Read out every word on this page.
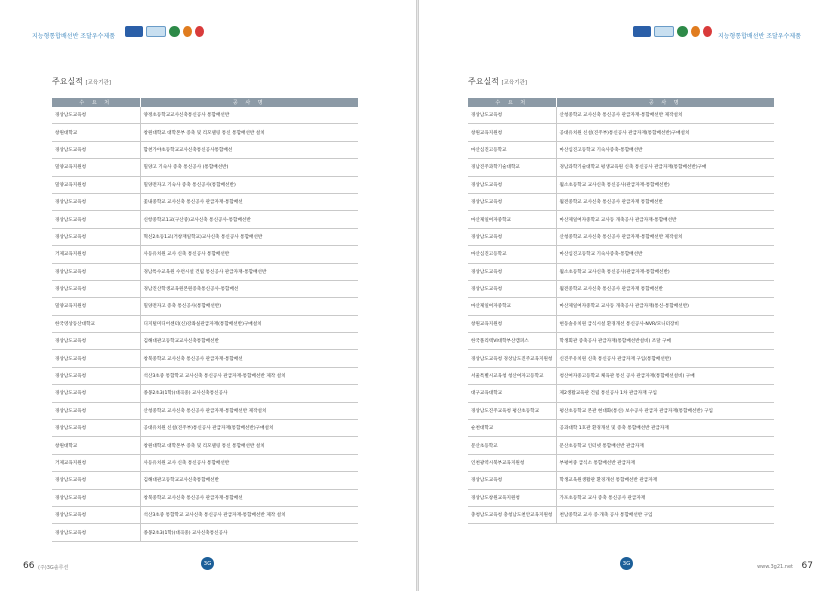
지능형통합배선반 조달우수제품
주요실적 [교육기관]
수 요 처	공 사 명
경상남도교육청	양정초등학교교사신축통신공사 통합배선반
창원대학교	창원대학교 대학본부 증축 및 리모델링 통신 통합배선반 설치
경상남도교육청	합천가야초등학교교사신축통신공사통합배선
밀양교육지원청	밀양고 기숙사 증축 통신공사 (통합배선반)
밀양교육지원청	밀양전자고 기숙사 증축 통신공사(통합배선반)
경상남도교육청	꽃내중학교 교사신축 통신공사 관급자재-통합배선
경상남도교육청	신항중학교1교(구산중)교사신축 통신공사-통합배선반
경상남도교육청	혁신2초등1교(거창재일학교)교사신축 통신공사 통합배선반
거제교육지원청	사등유치원 교사 신축 통신공사 통합배선반
경상남도교육청	경남특수교육원 수련시설 건립 통신공사 관급자재-통합배선반
경상남도교육청	경남진산학생교육원본원증축통신공사-통합배선
밀양교육지원청	밀양전자고 증축 통신공사(통합배선반)
한국영상동산대학교	디지털미디어센터(신)강좌실관급자재(통합배선반)구매설치
경상남도교육청	김해대관고등학교교사신축통합배선반
경상남도교육청	창북중학교 교사신축 통신공사 관급자재-통합배선
경상남도교육청	석산3초중 통합학교 교사신축 통신공사 관급자재-통합배선반 제작 설치
경상남도교육청	종몽2초3(1학)(대곡중) 교사신축통신공사
경상남도교육청	산청중학교 교사신축 통신공사 관급자재-통합배선반 제작설치
경상남도교육청	공대유치원 신설(진주부)통신공사 관급자재(통합배선반)구매설치
창원대학교	창원대학교 대학본부 증축 및 리모델링 통신 통합배선반 설치
거제교육지원청	사등유치원 교사 신축 통신공사 통합배선반
경상남도교육청	김해대관고등학교교사신축통합배선반
경상남도교육청	창북중학교 교사신축 통신공사 관급자재-통합배선
경상남도교육청	석산3초중 통합학교 교사신축 통신공사 관급자재-통합배선반 제작 설치
경상남도교육청	종몽2초3(1학)(대곡중) 교사신축통신공사
66 (주)3G솔루션
3G
지능형통합배선반 조달우수제품
주요실적 [교육기관]
수 요 처	공 사 명
경상남도교육청	산청중학교 교사신축 통신공사 관급자재-통합배선반 제작설치
창원교육지원청	공대유치원 신설(진주부)통신공사 관급자재(통합배선반)구매설치
마산심진고등학교	마산심진고등학교 기숙사증축-통합배선반
경남진주과학기술대학교	경남과학기술대학교 평생교육원 신축 통신공사 관급자재(통합배선반)구매
경상남도교육청	월소초등학교 교사신축 통신공사(관급자재-통합배선반)
경상남도교육청	월전중학교 교사신축 통신공사 관급자재 통합배선반
마산제일여자중학교	마산제일여자중학교 교사동 개축공사 관급자재-통합배선반
경상남도교육청	산청중학교 교사신축 통신공사 관급자재-통합배선반 제작설치
마산심진고등학교	마산심진고등학교 기숙사증축-통합배선반
경상남도교육청	월소초등학교 교사신축 통신공사(관급자재-통합배선반)
경상남도교육청	월전중학교 교사신축 통신공사 관급자재 통합배선반
마산제일여자중학교	마산제일여자중학교 교사동 개축공사 관급자재(통신-통합배선반)
창원교육지원청	현동솔유치원 급식시설 환경개선 통신공사-NVR/모니터장비
한국폴리텍VI대학부산캠퍼스	학생회관 증축공사 관급자재(통합배선반설비) 조달 구매
경상남도교육청 경상남도진주교육지원청	신진주유치원 신축 통신공사 관급자재 구입(통합배선반)
서울특별시교육청 청산여자고등학교	청산여자중고등학교 체육관 통신 공사 관급자재(통합배선설비) 구매
대구교육대학교	제2생활교육관 건립 통신공사 1차 관급자재 구입
경상남도진주교육청 평산초등학교	평산초등학교 본관 현대화(통신) 보수공사 관급자 관급자재(통합배선반) 구입
순천대학교	공과대학 1호관 환경개선 및 증축 통합배선반 관급자재
문산초등학교	문산초등학교 인터넷 통합배선반 관급자재
인천광역시북부교육지원청	부평여중 급식소 통합배선반 관급자재
경상남도교육청	학생교육원생활관 환경개선 통합배선반 관급자재
경상남도창원교육지원청	가포초등학교 교사 증축 통신공사 관급자재
충청남도교육청 충청남도천안교육지원청	천남중학교 교사 증·개축 공사 통합배선반 구입
3G
www.3g21.net 67
